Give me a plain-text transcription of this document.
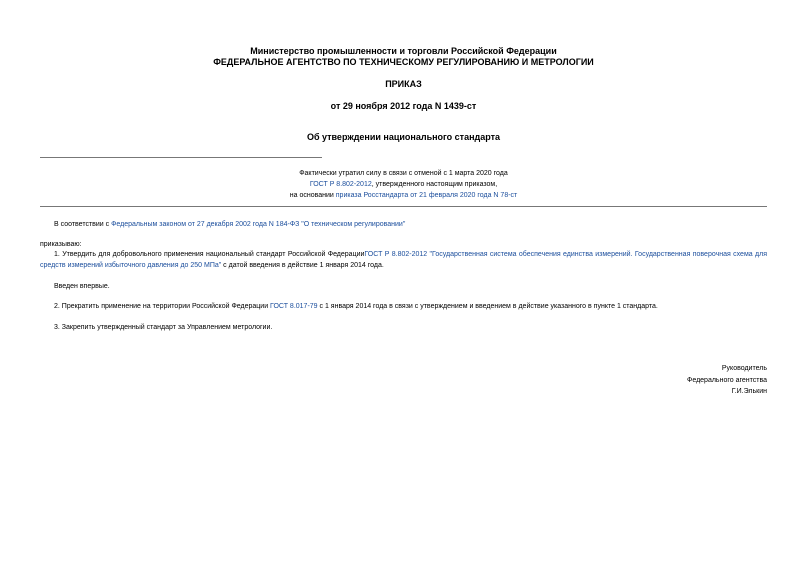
Министерство промышленности и торговли Российской Федерации
ФЕДЕРАЛЬНОЕ АГЕНТСТВО ПО ТЕХНИЧЕСКОМУ РЕГУЛИРОВАНИЮ И МЕТРОЛОГИИ
ПРИКАЗ
от 29 ноября 2012 года N 1439-ст
Об утверждении национального стандарта
Фактически утратил силу в связи с отменой с 1 марта 2020 года
ГОСТ Р 8.802-2012, утвержденного настоящим приказом,
на основании приказа Росстандарта от 21 февраля 2020 года N 78-ст
В соответствии с Федеральным законом от 27 декабря 2002 года N 184-ФЗ "О техническом регулировании"
приказываю:
1. Утвердить для добровольного применения национальный стандарт Российской ФедерацииГОСТ Р 8.802-2012 "Государственная система обеспечения единства измерений. Государственная поверочная схема для средств измерений избыточного давления до 250 МПа" с датой введения в действие 1 января 2014 года.
Введен впервые.
2. Прекратить применение на территории Российской Федерации ГОСТ 8.017-79 с 1 января 2014 года в связи с утверждением и введением в действие указанного в пункте 1 стандарта.
3. Закрепить утвержденный стандарт за Управлением метрологии.
Руководитель
Федерального агентства
Г.И.Элькин
